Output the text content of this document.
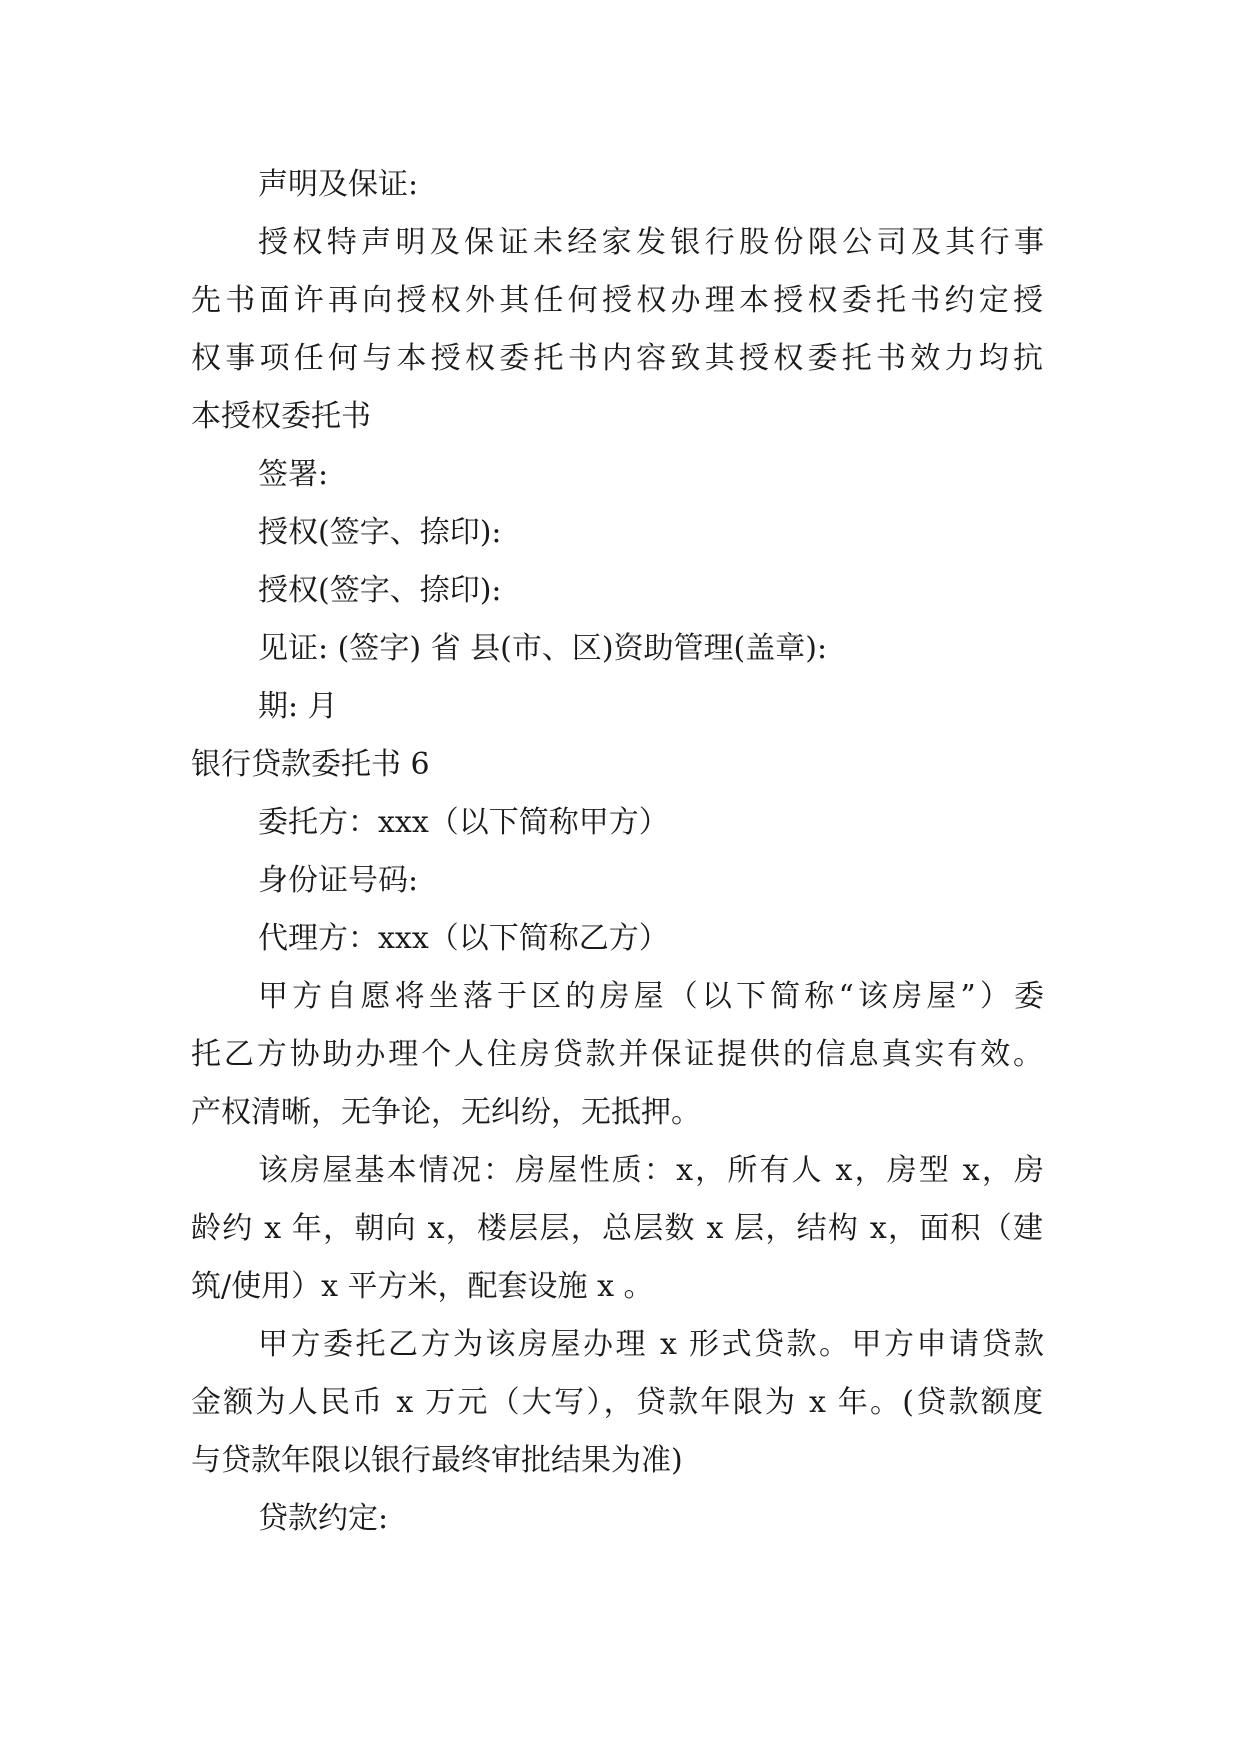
声明及保证:

授权特声明及保证未经家发银行股份限公司及其行事

先书面许再向授权外其任何授权办理本授权委托书约定授

权事项任何与本授权委托书内容致其授权委托书效力均抗

本授权委托书

签署:

授权(签字、捺印):

授权(签字、捺印):

见证: (签字) 省 县(市、区)资助管理(盖章):

期: 月

银行贷款委托书 6

委托方：xxx（以下简称甲方）

身份证号码:

代理方：xxx（以下简称乙方）

甲方自愿将坐落于区的房屋（以下简称“该房屋”）委

托乙方协助办理个人住房贷款并保证提供的信息真实有效。

产权清晰，无争论，无纠纷，无抵押。

该房屋基本情况：房屋性质：x，所有人 x，房型 x，房

龄约 x 年，朝向 x，楼层层，总层数 x 层，结构 x，面积（建

筑/使用）x 平方米，配套设施 x 。

甲方委托乙方为该房屋办理 x 形式贷款。甲方申请贷款

金额为人民币 x 万元（大写），贷款年限为 x 年。(贷款额度

与贷款年限以银行最终审批结果为准)

贷款约定:
